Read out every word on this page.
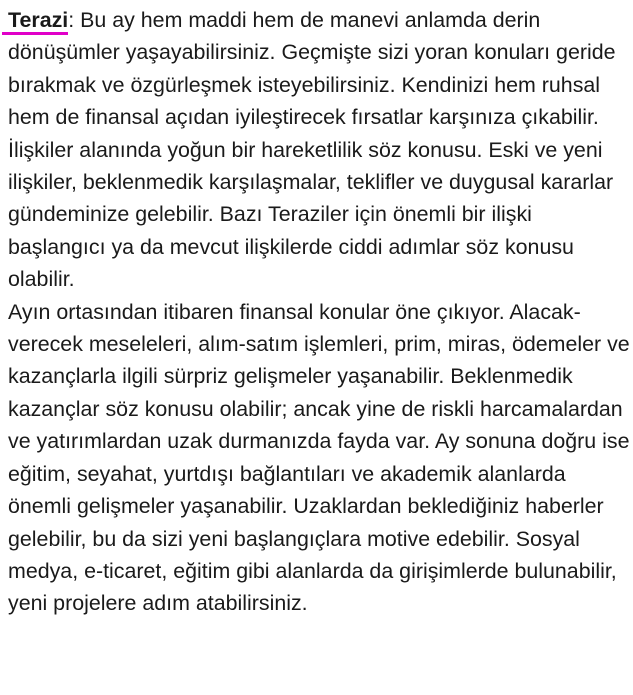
Terazi: Bu ay hem maddi hem de manevi anlamda derin dönüşümler yaşayabilirsiniz. Geçmişte sizi yoran konuları geride bırakmak ve özgürleşmek isteyebilirsiniz. Kendinizi hem ruhsal hem de finansal açıdan iyileştirecek fırsatlar karşınıza çıkabilir.

İlişkiler alanında yoğun bir hareketlilik söz konusu. Eski ve yeni ilişkiler, beklenmedik karşılaşmalar, teklifler ve duygusal kararlar gündeminize gelebilir. Bazı Teraziler için önemli bir ilişki başlangıcı ya da mevcut ilişkilerde ciddi adımlar söz konusu olabilir.

Ayın ortasından itibaren finansal konular öne çıkıyor. Alacak-verecek meseleleri, alım-satım işlemleri, prim, miras, ödemeler ve kazançlarla ilgili sürpriz gelişmeler yaşanabilir. Beklenmedik kazançlar söz konusu olabilir; ancak yine de riskli harcamalardan ve yatırımlardan uzak durmanızda fayda var. Ay sonuna doğru ise eğitim, seyahat, yurtdışı bağlantıları ve akademik alanlarda önemli gelişmeler yaşanabilir. Uzaklardan beklediğiniz haberler gelebilir, bu da sizi yeni başlangıçlara motive edebilir. Sosyal medya, e-ticaret, eğitim gibi alanlarda da girişimlerde bulunabilir, yeni projelere adım atabilirsiniz.
